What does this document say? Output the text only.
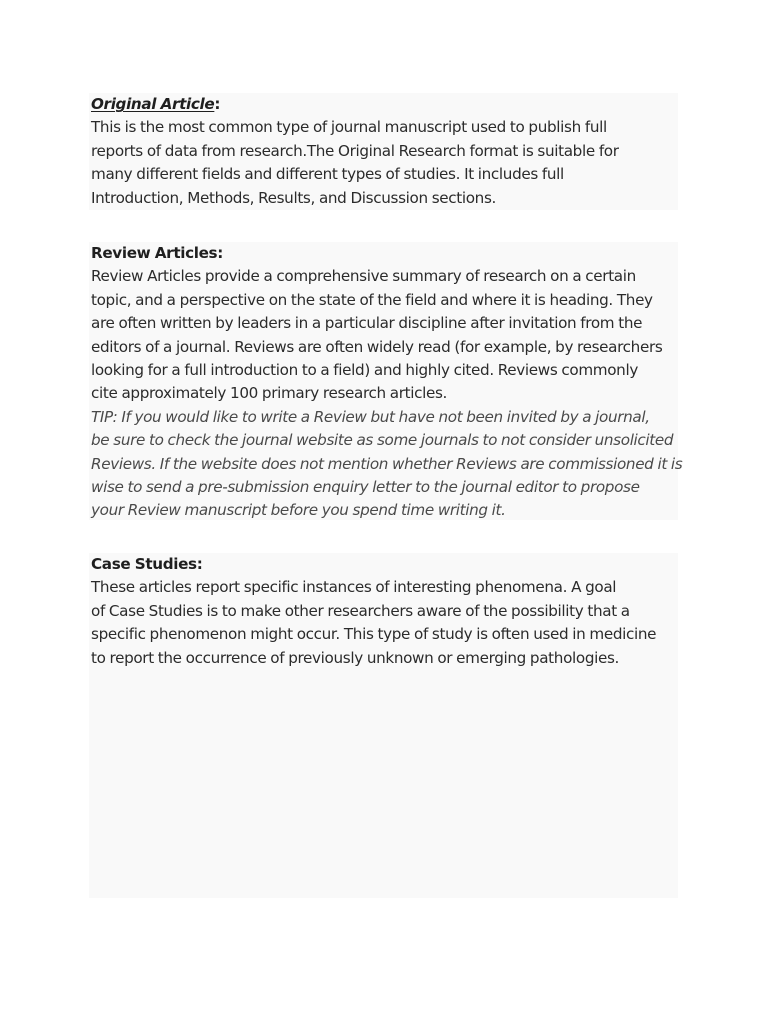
Original Article:
This is the most common type of journal manuscript used to publish full
reports of data from research.The Original Research format is suitable for
many different fields and different types of studies. It includes full
Introduction, Methods, Results, and Discussion sections.
Review Articles:
Review Articles provide a comprehensive summary of research on a certain
topic, and a perspective on the state of the field and where it is heading. They
are often written by leaders in a particular discipline after invitation from the
editors of a journal. Reviews are often widely read (for example, by researchers
looking for a full introduction to a field) and highly cited. Reviews commonly
cite approximately 100 primary research articles.
TIP: If you would like to write a Review but have not been invited by a journal,
be sure to check the journal website as some journals to not consider unsolicited
Reviews. If the website does not mention whether Reviews are commissioned it is
wise to send a pre-submission enquiry letter to the journal editor to propose
your Review manuscript before you spend time writing it.
Case Studies:
These articles report specific instances of interesting phenomena. A goal
of Case Studies is to make other researchers aware of the possibility that a
specific phenomenon might occur. This type of study is often used in medicine
to report the occurrence of previously unknown or emerging pathologies.
